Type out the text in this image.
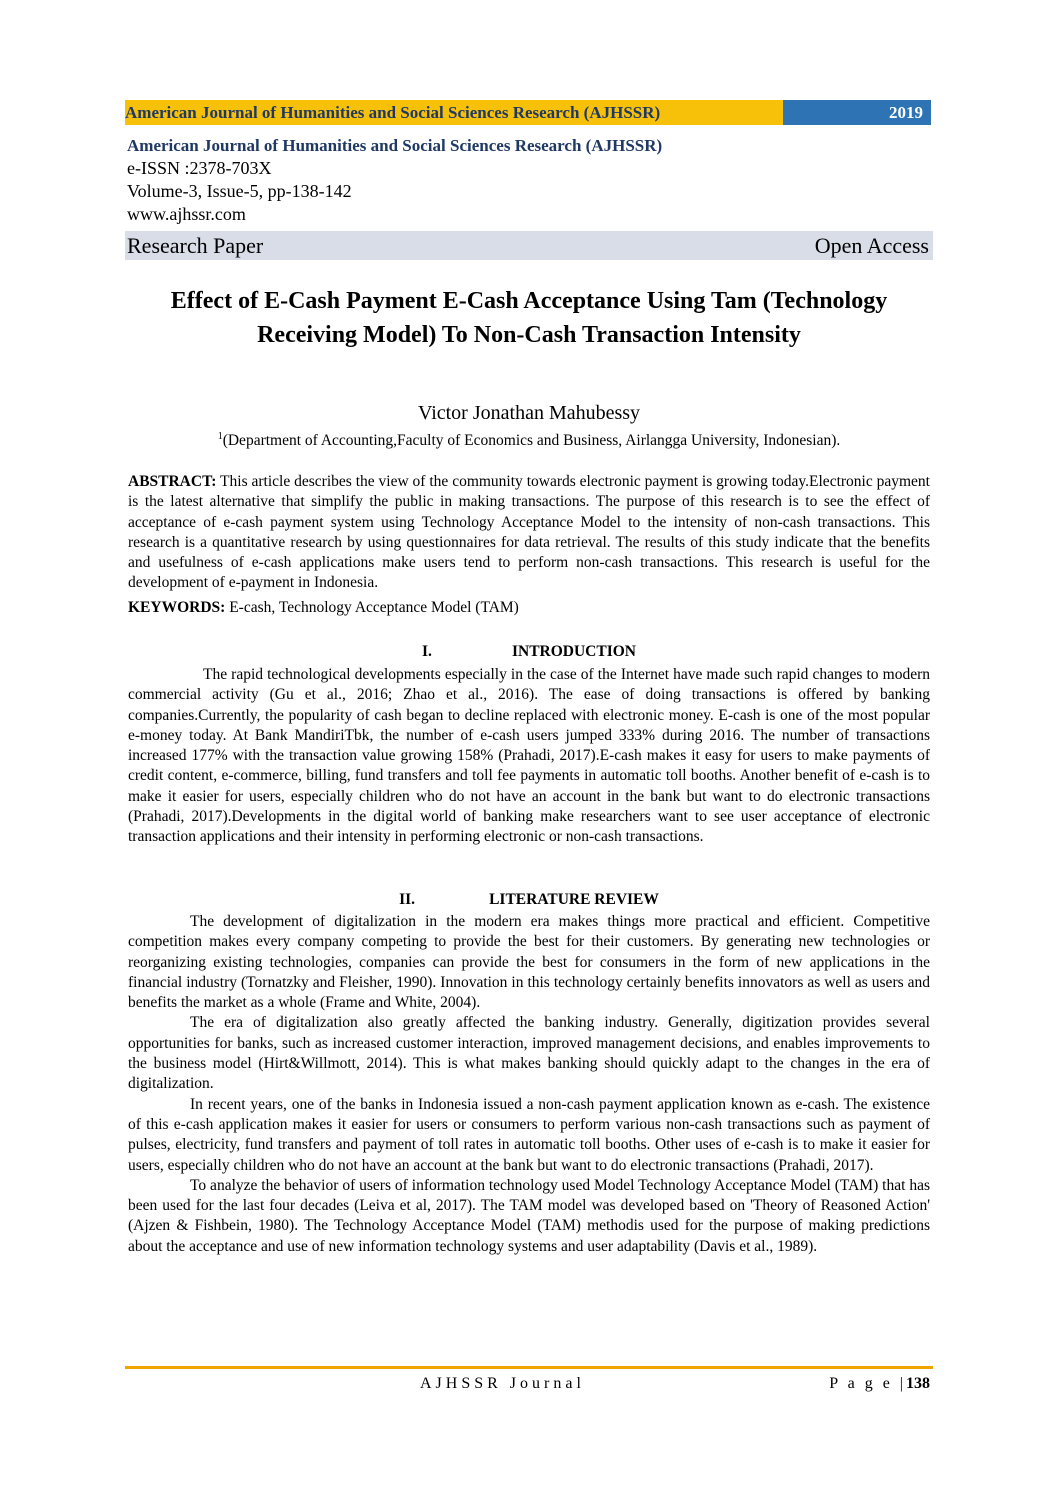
American Journal of Humanities and Social Sciences Research (AJHSSR)	2019
American Journal of Humanities and Social Sciences Research (AJHSSR)
e-ISSN :2378-703X
Volume-3, Issue-5, pp-138-142
www.ajhssr.com
Research Paper	Open Access
Effect of E-Cash Payment E-Cash Acceptance Using Tam (Technology Receiving Model) To Non-Cash Transaction Intensity
Victor Jonathan Mahubessy
$^1$(Department of Accounting,Faculty of Economics and Business, Airlangga University, Indonesian).
ABSTRACT: This article describes the view of the community towards electronic payment is growing today.Electronic payment is the latest alternative that simplify the public in making transactions. The purpose of this research is to see the effect of acceptance of e-cash payment system using Technology Acceptance Model to the intensity of non-cash transactions. This research is a quantitative research by using questionnaires for data retrieval. The results of this study indicate that the benefits and usefulness of e-cash applications make users tend to perform non-cash transactions. This research is useful for the development of e-payment in Indonesia.
KEYWORDS: E-cash, Technology Acceptance Model (TAM)
I.	INTRODUCTION
The rapid technological developments especially in the case of the Internet have made such rapid changes to modern commercial activity (Gu et al., 2016; Zhao et al., 2016). The ease of doing transactions is offered by banking companies.Currently, the popularity of cash began to decline replaced with electronic money. E-cash is one of the most popular e-money today. At Bank MandiriTbk, the number of e-cash users jumped 333% during 2016. The number of transactions increased 177% with the transaction value growing 158% (Prahadi, 2017).E-cash makes it easy for users to make payments of credit content, e-commerce, billing, fund transfers and toll fee payments in automatic toll booths. Another benefit of e-cash is to make it easier for users, especially children who do not have an account in the bank but want to do electronic transactions (Prahadi, 2017).Developments in the digital world of banking make researchers want to see user acceptance of electronic transaction applications and their intensity in performing electronic or non-cash transactions.
II.	LITERATURE REVIEW

The development of digitalization in the modern era makes things more practical and efficient. Competitive competition makes every company competing to provide the best for their customers. By generating new technologies or reorganizing existing technologies, companies can provide the best for consumers in the form of new applications in the financial industry (Tornatzky and Fleisher, 1990). Innovation in this technology certainly benefits innovators as well as users and benefits the market as a whole (Frame and White, 2004).

The era of digitalization also greatly affected the banking industry. Generally, digitization provides several opportunities for banks, such as increased customer interaction, improved management decisions, and enables improvements to the business model (Hirt&Willmott, 2014). This is what makes banking should quickly adapt to the changes in the era of digitalization.

In recent years, one of the banks in Indonesia issued a non-cash payment application known as e-cash. The existence of this e-cash application makes it easier for users or consumers to perform various non-cash transactions such as payment of pulses, electricity, fund transfers and payment of toll rates in automatic toll booths. Other uses of e-cash is to make it easier for users, especially children who do not have an account at the bank but want to do electronic transactions (Prahadi, 2017).

To analyze the behavior of users of information technology used Model Technology Acceptance Model (TAM) that has been used for the last four decades (Leiva et al, 2017). The TAM model was developed based on 'Theory of Reasoned Action' (Ajzen & Fishbein, 1980). The Technology Acceptance Model (TAM) methodis used for the purpose of making predictions about the acceptance and use of new information technology systems and user adaptability (Davis et al., 1989).

AJHSSR Journal	P a g e |138
